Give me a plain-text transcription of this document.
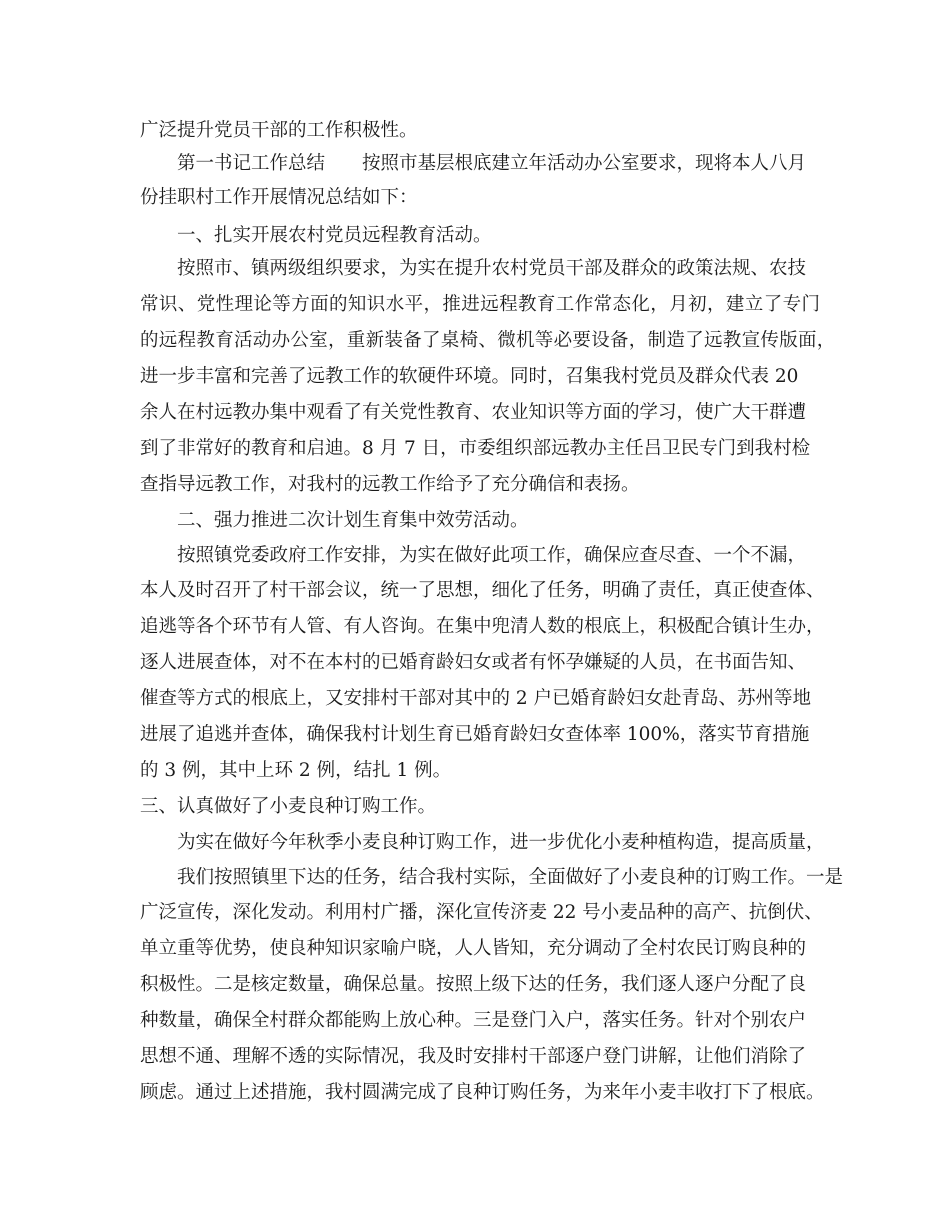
广泛提升党员干部的工作积极性。

第一书记工作总结　　按照市基层根底建立年活动办公室要求，现将本人八月

份挂职村工作开展情况总结如下：

一、扎实开展农村党员远程教育活动。

按照市、镇两级组织要求，为实在提升农村党员干部及群众的政策法规、农技

常识、党性理论等方面的知识水平，推进远程教育工作常态化，月初，建立了专门

的远程教育活动办公室，重新装备了桌椅、微机等必要设备，制造了远教宣传版面，

进一步丰富和完善了远教工作的软硬件环境。同时，召集我村党员及群众代表 20

余人在村远教办集中观看了有关党性教育、农业知识等方面的学习，使广大干群遭

到了非常好的教育和启迪。8 月 7 日，市委组织部远教办主任吕卫民专门到我村检

查指导远教工作，对我村的远教工作给予了充分确信和表扬。

二、强力推进二次计划生育集中效劳活动。

按照镇党委政府工作安排，为实在做好此项工作，确保应查尽查、一个不漏，

本人及时召开了村干部会议，统一了思想，细化了任务，明确了责任，真正使查体、

追逃等各个环节有人管、有人咨询。在集中兜清人数的根底上，积极配合镇计生办，

逐人进展查体，对不在本村的已婚育龄妇女或者有怀孕嫌疑的人员，在书面告知、

催查等方式的根底上，又安排村干部对其中的 2 户已婚育龄妇女赴青岛、苏州等地

进展了追逃并查体，确保我村计划生育已婚育龄妇女查体率 100%，落实节育措施

的 3 例，其中上环 2 例，结扎 1 例。

三、认真做好了小麦良种订购工作。

为实在做好今年秋季小麦良种订购工作，进一步优化小麦种植构造，提高质量，

我们按照镇里下达的任务，结合我村实际，全面做好了小麦良种的订购工作。一是

广泛宣传，深化发动。利用村广播，深化宣传济麦 22 号小麦品种的高产、抗倒伏、

单立重等优势，使良种知识家喻户晓，人人皆知，充分调动了全村农民订购良种的

积极性。二是核定数量，确保总量。按照上级下达的任务，我们逐人逐户分配了良

种数量，确保全村群众都能购上放心种。三是登门入户，落实任务。针对个别农户

思想不通、理解不透的实际情况，我及时安排村干部逐户登门讲解，让他们消除了

顾虑。通过上述措施，我村圆满完成了良种订购任务，为来年小麦丰收打下了根底。
